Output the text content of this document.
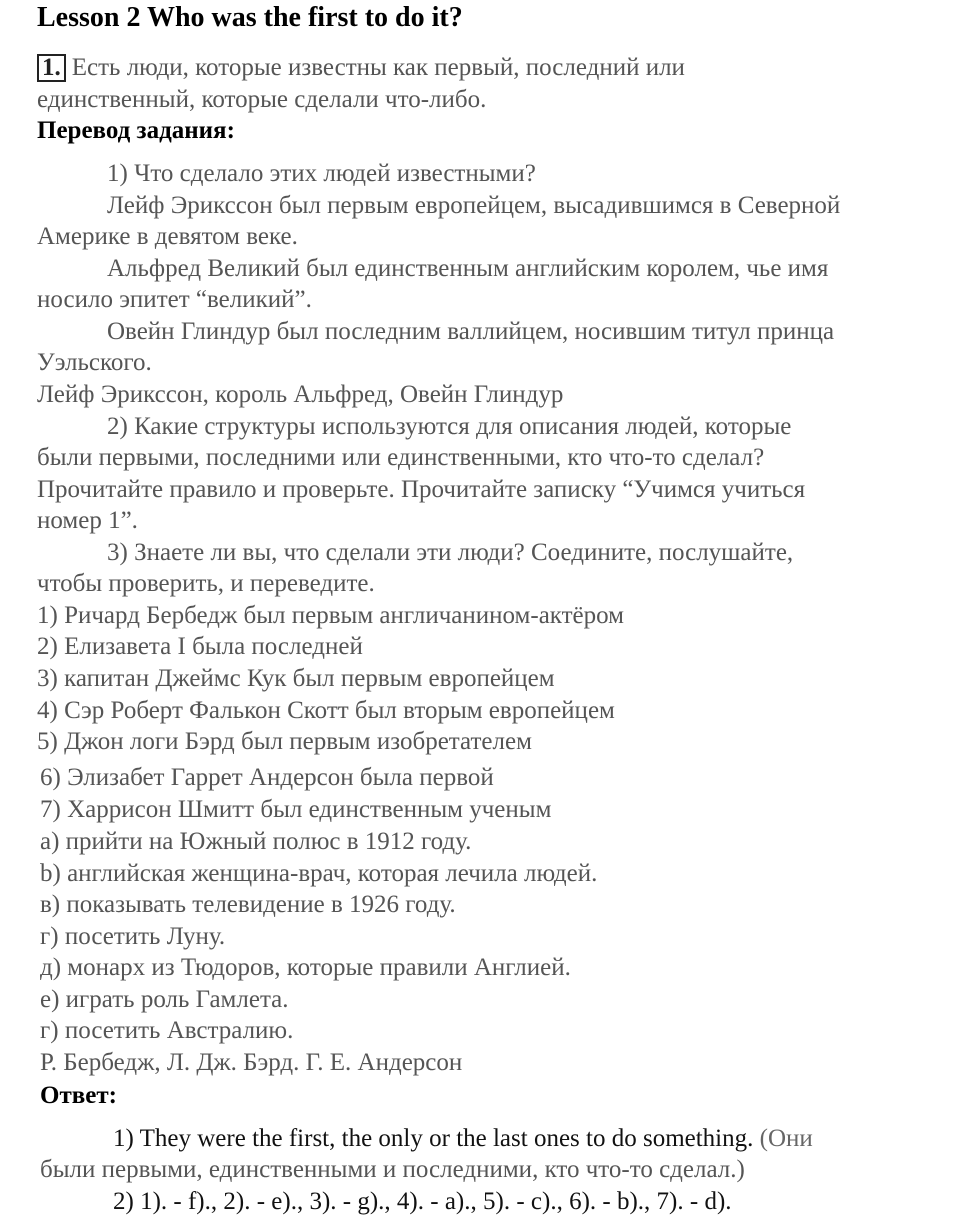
Lesson 2 Who was the first to do it?
1. Есть люди, которые известны как первый, последний или
единственный, которые сделали что-либо.
Перевод задания:
1) Что сделало этих людей известными?
Лейф Эрикссон был первым европейцем, высадившимся в Северной
Америке в девятом веке.
Альфред Великий был единственным английским королем, чье имя
носило эпитет “великий”.
Овейн Глиндур был последним валлийцем, носившим титул принца
Уэльского.
Лейф Эрикссон, король Альфред, Овейн Глиндур
2) Какие структуры используются для описания людей, которые
были первыми, последними или единственными, кто что-то сделал?
Прочитайте правило и проверьте. Прочитайте записку “Учимся учиться
номер 1”.
3) Знаете ли вы, что сделали эти люди? Соедините, послушайте,
чтобы проверить, и переведите.
1) Ричард Бербедж был первым англичанином-актёром
2) Елизавета I была последней
3) капитан Джеймс Кук был первым европейцем
4) Сэр Роберт Фалькон Скотт был вторым европейцем
5) Джон логи Бэрд был первым изобретателем
6) Элизабет Гаррет Андерсон была первой
7) Харрисон Шмитт был единственным ученым
а) прийти на Южный полюс в 1912 году.
b) английская женщина-врач, которая лечила людей.
в) показывать телевидение в 1926 году.
г) посетить Луну.
д) монарх из Тюдоров, которые правили Англией.
е) играть роль Гамлета.
г) посетить Австралию.
Р. Бербедж, Л. Дж. Бэрд. Г. Е. Андерсон
Ответ:
1) They were the first, the only or the last ones to do something. (Они
были первыми, единственными и последними, кто что-то сделал.)
2) 1). - f)., 2). - e)., 3). - g)., 4). - a)., 5). - c)., 6). - b)., 7). - d).
